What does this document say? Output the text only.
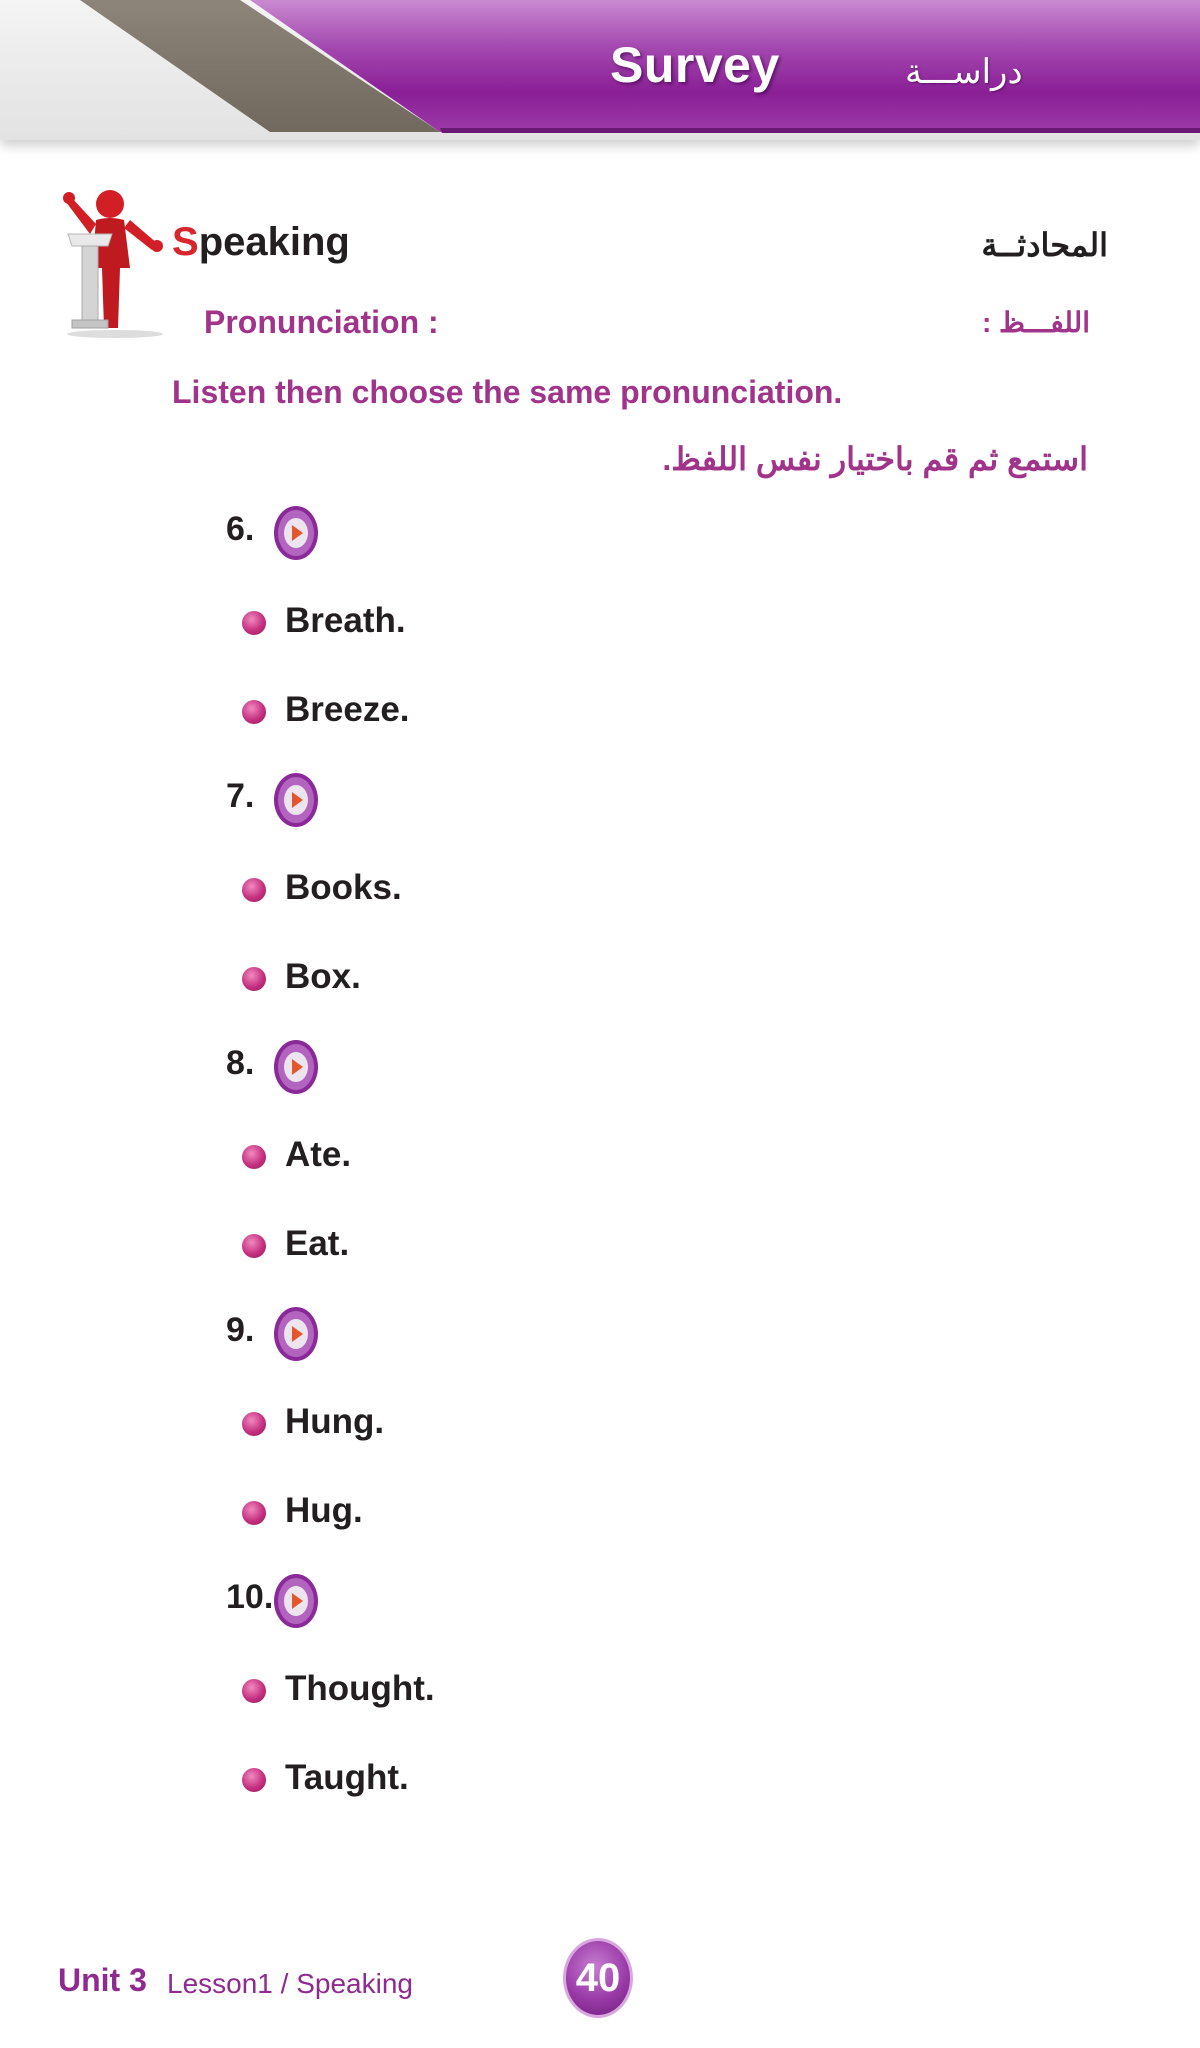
Survey	دراســـة
Speaking	المحادثــة
Pronunciation :	اللفـــظ :
Listen then choose the same pronunciation.
استمع ثم قم باختيار نفس اللفظ.
6.
Breath.
Breeze.
7.
Books.
Box.
8.
Ate.
Eat.
9.
Hung.
Hug.
10.
Thought.
Taught.
Unit 3 Lesson1 / Speaking	40
